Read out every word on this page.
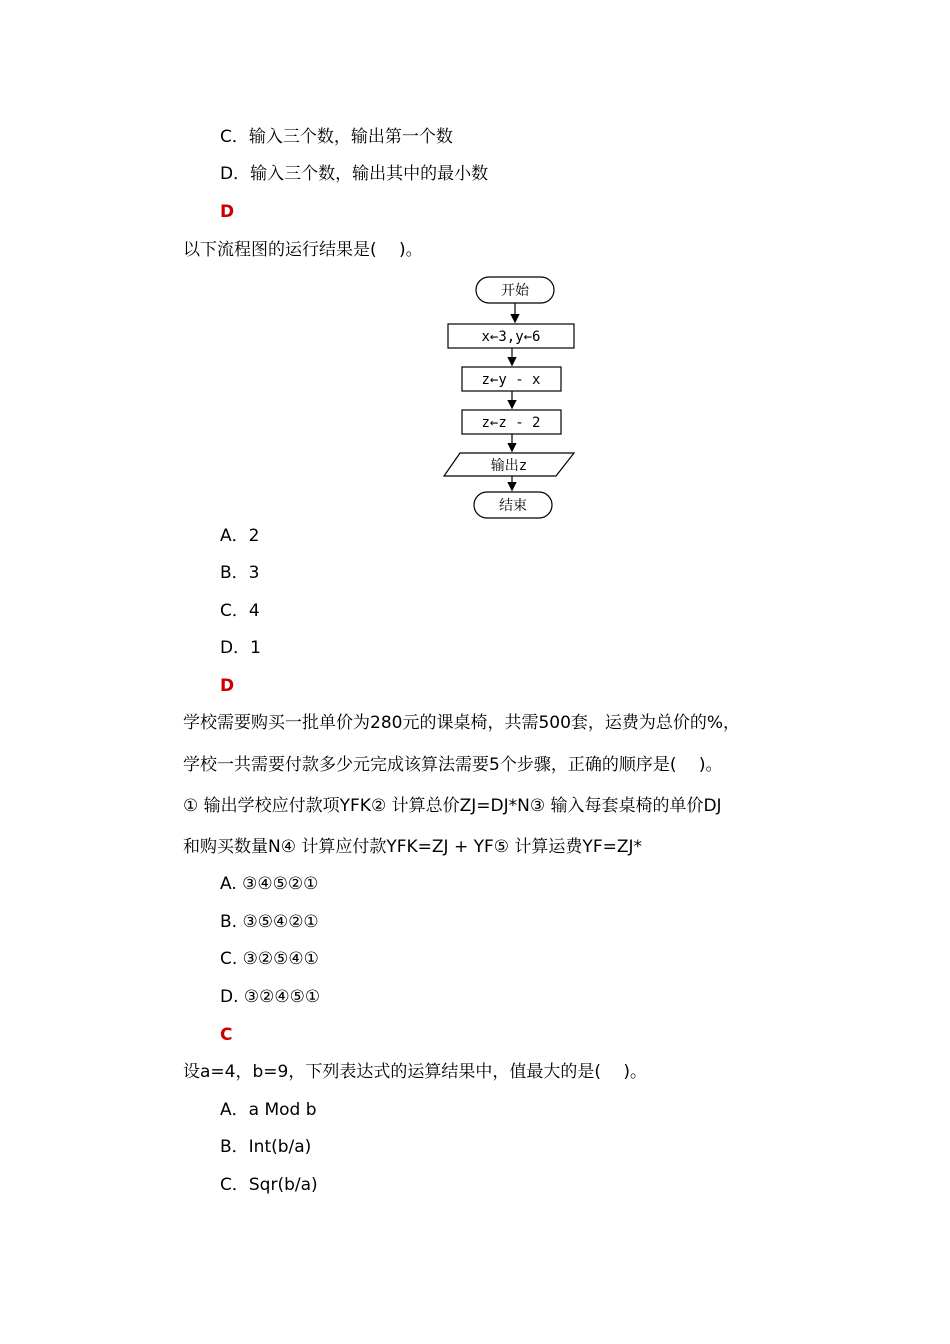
C．输入三个数，输出第一个数
D．输入三个数，输出其中的最小数
D
以下流程图的运行结果是(　 )。
开始
x←3,y←6
z←y - x
z←z - 2
输出z
结束
A．2
B．3
C．4
D．1
D
学校需要购买一批单价为280元的课桌椅，共需500套，运费为总价的%，
学校一共需要付款多少元完成该算法需要5个步骤，正确的顺序是(　 )。
① 输出学校应付款项YFK② 计算总价ZJ=DJ*N③ 输入每套桌椅的单价DJ
和购买数量N④ 计算应付款YFK=ZJ + YF⑤ 计算运费YF=ZJ*
A. ③④⑤②①
B. ③⑤④②①
C. ③②⑤④①
D. ③②④⑤①
C
设a=4，b=9，下列表达式的运算结果中，值最大的是(　 )。
A．a Mod b
B．Int(b/a)
C．Sqr(b/a)
